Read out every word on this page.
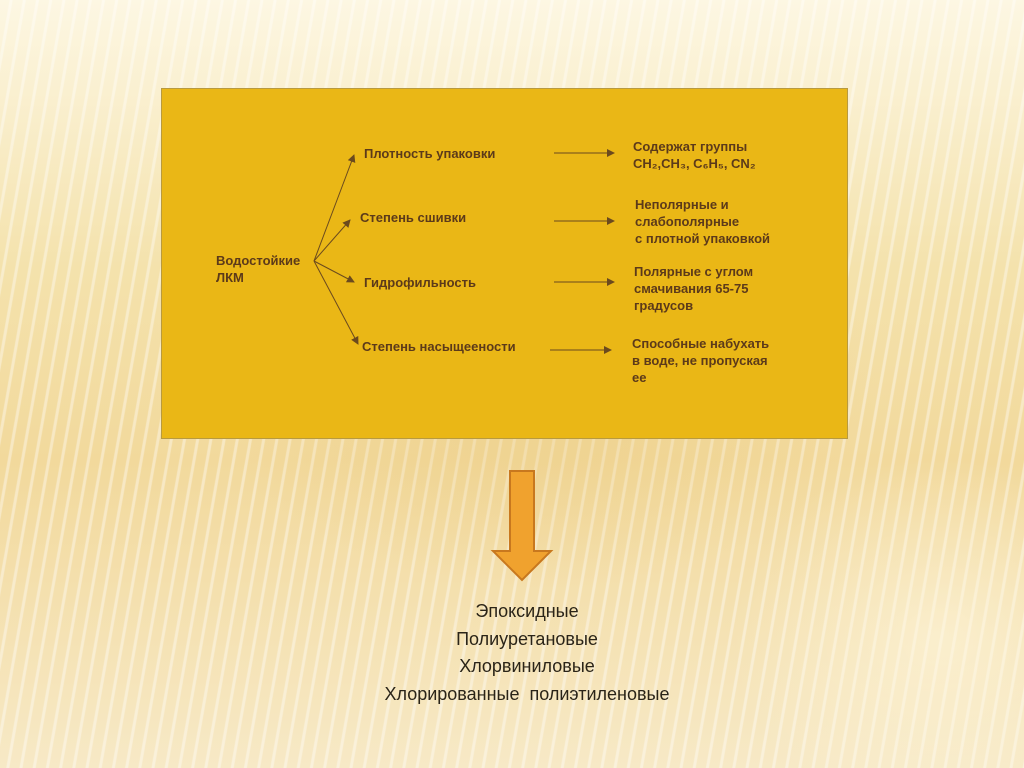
Водостойкие
ЛКМ
Плотность упаковки
Степень сшивки
Гидрофильность
Степень насыщеености
Содержат группы
CH₂,CH₃, C₆H₅, CN₂
Неполярные и
слабополярные
с плотной упаковкой
Полярные с углом
смачивания 65-75
градусов
Способные набухать
в воде, не пропуская
ее
Эпоксидные
Полиуретановые
Хлорвиниловые
Хлорированные  полиэтиленовые
